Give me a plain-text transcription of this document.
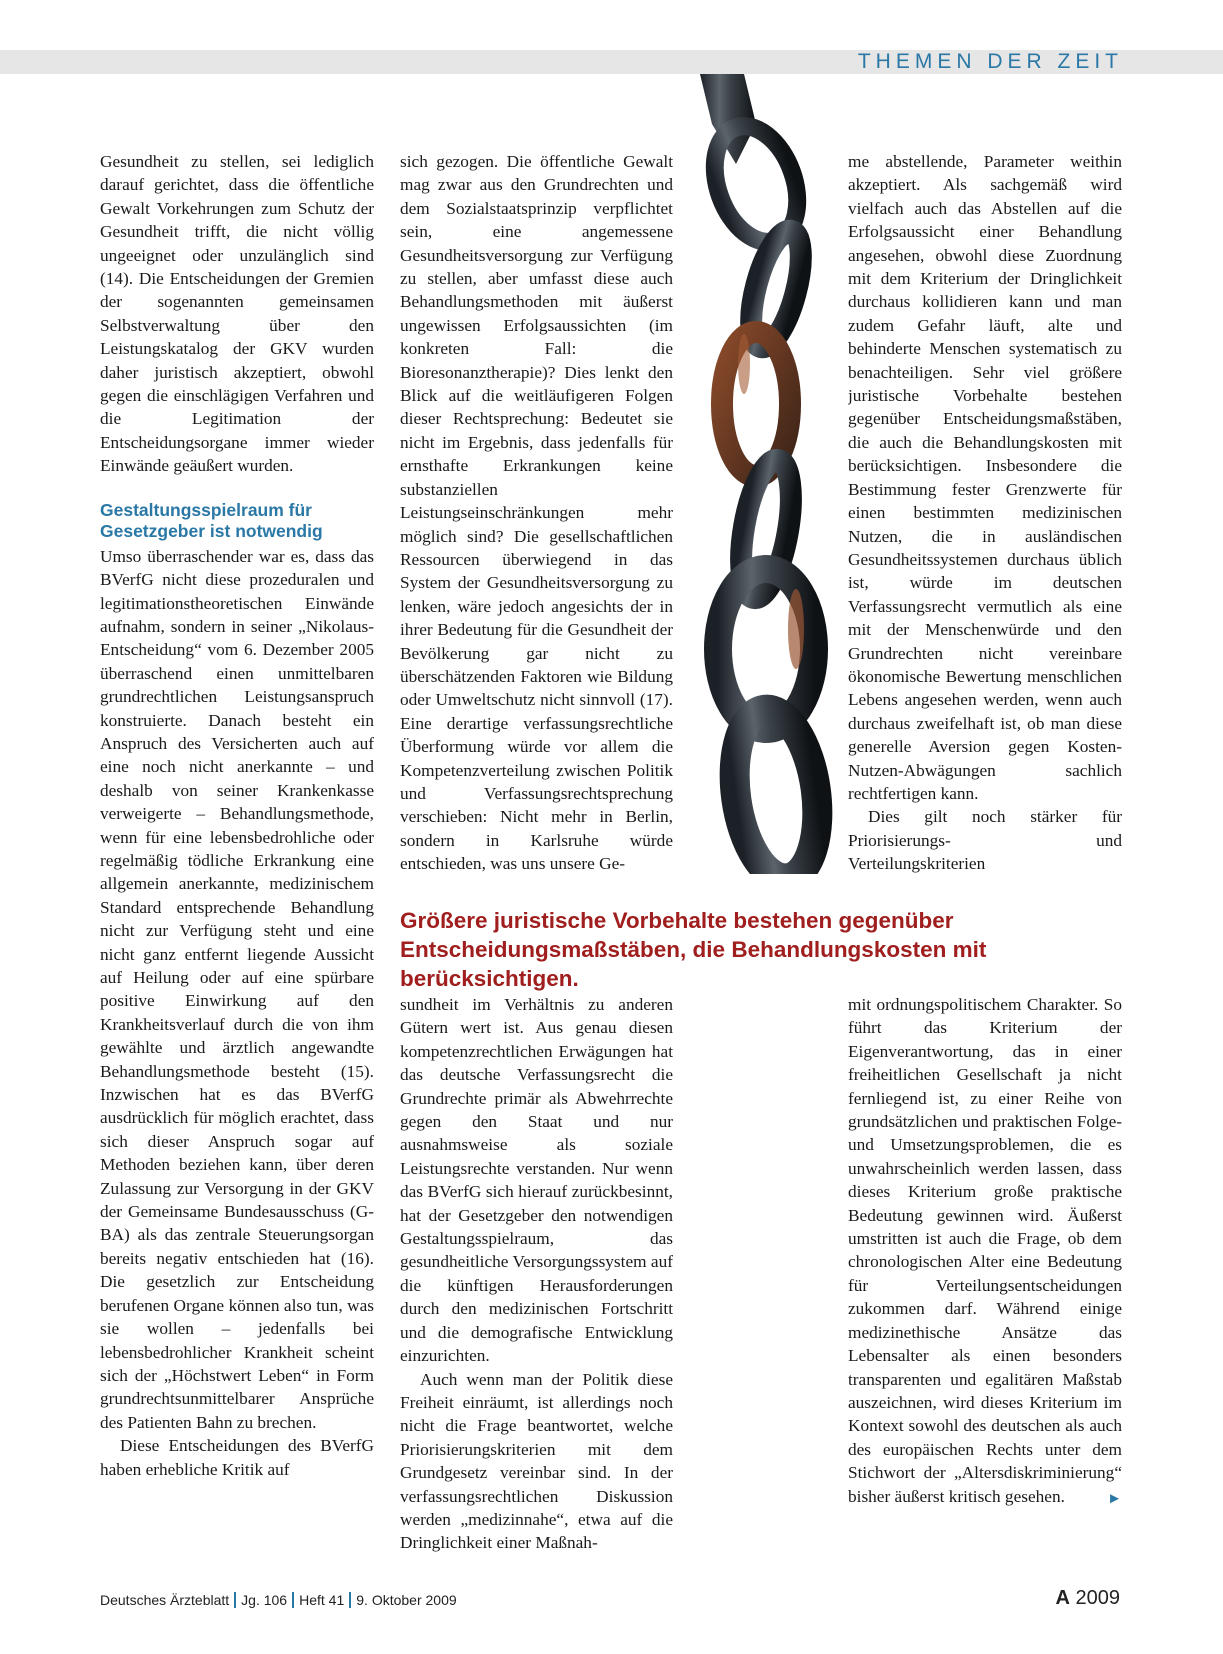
THEMEN DER ZEIT

Gesundheit zu stellen, sei lediglich darauf gerichtet, dass die öffentliche Gewalt Vorkehrungen zum Schutz der Gesundheit trifft, die nicht völlig ungeeignet oder unzulänglich sind (14). Die Entscheidungen der Gremien der sogenannten gemeinsamen Selbstverwaltung über den Leistungskatalog der GKV wurden daher juristisch akzeptiert, obwohl gegen die einschlägigen Verfahren und die Legitimation der Entscheidungsorgane immer wieder Einwände geäußert wurden.

Gestaltungsspielraum für Gesetzgeber ist notwendig

Umso überraschender war es, dass das BVerfG nicht diese prozeduralen und legitimationstheoretischen Einwände aufnahm, sondern in seiner „Nikolaus-Entscheidung“ vom 6. Dezember 2005 überraschend einen unmittelbaren grundrechtlichen Leistungsanspruch konstruierte. Danach besteht ein Anspruch des Versicherten auch auf eine noch nicht anerkannte – und deshalb von seiner Krankenkasse verweigerte – Behandlungsmethode, wenn für eine lebensbedrohliche oder regelmäßig tödliche Erkrankung eine allgemein anerkannte, medizinischem Standard entsprechende Behandlung nicht zur Verfügung steht und eine nicht ganz entfernt liegende Aussicht auf Heilung oder auf eine spürbare positive Einwirkung auf den Krankheitsverlauf durch die von ihm gewählte und ärztlich angewandte Behandlungsmethode besteht (15). Inzwischen hat es das BVerfG ausdrücklich für möglich erachtet, dass sich dieser Anspruch sogar auf Methoden beziehen kann, über deren Zulassung zur Versorgung in der GKV der Gemeinsame Bundesausschuss (G-BA) als das zentrale Steuerungsorgan bereits negativ entschieden hat (16). Die gesetzlich zur Entscheidung berufenen Organe können also tun, was sie wollen – jedenfalls bei lebensbedrohlicher Krankheit scheint sich der „Höchstwert Leben“ in Form grundrechtsunmittelbarer Ansprüche des Patienten Bahn zu brechen.

Diese Entscheidungen des BVerfG haben erhebliche Kritik auf

sich gezogen. Die öffentliche Gewalt mag zwar aus den Grundrechten und dem Sozialstaatsprinzip verpflichtet sein, eine angemessene Gesundheitsversorgung zur Verfügung zu stellen, aber umfasst diese auch Behandlungsmethoden mit äußerst ungewissen Erfolgsaussichten (im konkreten Fall: die Bioresonanztherapie)? Dies lenkt den Blick auf die weitläufigeren Folgen dieser Rechtsprechung: Bedeutet sie nicht im Ergebnis, dass jedenfalls für ernsthafte Erkrankungen keine substanziellen Leistungseinschränkungen mehr möglich sind? Die gesellschaftlichen Ressourcen überwiegend in das System der Gesundheitsversorgung zu lenken, wäre jedoch angesichts der in ihrer Bedeutung für die Gesundheit der Bevölkerung gar nicht zu überschätzenden Faktoren wie Bildung oder Umweltschutz nicht sinnvoll (17). Eine derartige verfassungsrechtliche Überformung würde vor allem die Kompetenzverteilung zwischen Politik und Verfassungsrechtsprechung verschieben: Nicht mehr in Berlin, sondern in Karlsruhe würde entschieden, was uns unsere Ge-

me abstellende, Parameter weithin akzeptiert. Als sachgemäß wird vielfach auch das Abstellen auf die Erfolgsaussicht einer Behandlung angesehen, obwohl diese Zuordnung mit dem Kriterium der Dringlichkeit durchaus kollidieren kann und man zudem Gefahr läuft, alte und behinderte Menschen systematisch zu benachteiligen. Sehr viel größere juristische Vorbehalte bestehen gegenüber Entscheidungsmaßstäben, die auch die Behandlungskosten mit berücksichtigen. Insbesondere die Bestimmung fester Grenzwerte für einen bestimmten medizinischen Nutzen, die in ausländischen Gesundheitssystemen durchaus üblich ist, würde im deutschen Verfassungsrecht vermutlich als eine mit der Menschenwürde und den Grundrechten nicht vereinbare ökonomische Bewertung menschlichen Lebens angesehen werden, wenn auch durchaus zweifelhaft ist, ob man diese generelle Aversion gegen Kosten-Nutzen-Abwägungen sachlich rechtfertigen kann.

Dies gilt noch stärker für Priorisierungs- und Verteilungskriterien

Größere juristische Vorbehalte bestehen gegenüber Entscheidungsmaßstäben, die Behandlungskosten mit berücksichtigen.

sundheit im Verhältnis zu anderen Gütern wert ist. Aus genau diesen kompetenzrechtlichen Erwägungen hat das deutsche Verfassungsrecht die Grundrechte primär als Abwehrrechte gegen den Staat und nur ausnahmsweise als soziale Leistungsrechte verstanden. Nur wenn das BVerfG sich hierauf zurückbesinnt, hat der Gesetzgeber den notwendigen Gestaltungsspielraum, das gesundheitliche Versorgungssystem auf die künftigen Herausforderungen durch den medizinischen Fortschritt und die demografische Entwicklung einzurichten.

Auch wenn man der Politik diese Freiheit einräumt, ist allerdings noch nicht die Frage beantwortet, welche Priorisierungskriterien mit dem Grundgesetz vereinbar sind. In der verfassungsrechtlichen Diskussion werden „medizinnahe“, etwa auf die Dringlichkeit einer Maßnah-

mit ordnungspolitischem Charakter. So führt das Kriterium der Eigenverantwortung, das in einer freiheitlichen Gesellschaft ja nicht fernliegend ist, zu einer Reihe von grundsätzlichen und praktischen Folge- und Umsetzungsproblemen, die es unwahrscheinlich werden lassen, dass dieses Kriterium große praktische Bedeutung gewinnen wird. Äußerst umstritten ist auch die Frage, ob dem chronologischen Alter eine Bedeutung für Verteilungsentscheidungen zukommen darf. Während einige medizinethische Ansätze das Lebensalter als einen besonders transparenten und egalitären Maßstab auszeichnen, wird dieses Kriterium im Kontext sowohl des deutschen als auch des europäischen Rechts unter dem Stichwort der „Altersdiskriminierung“ bisher äußerst kritisch gesehen.	►

Deutsches Ärzteblatt Jg. 106 Heft 41 9. Oktober 2009	A 2009
